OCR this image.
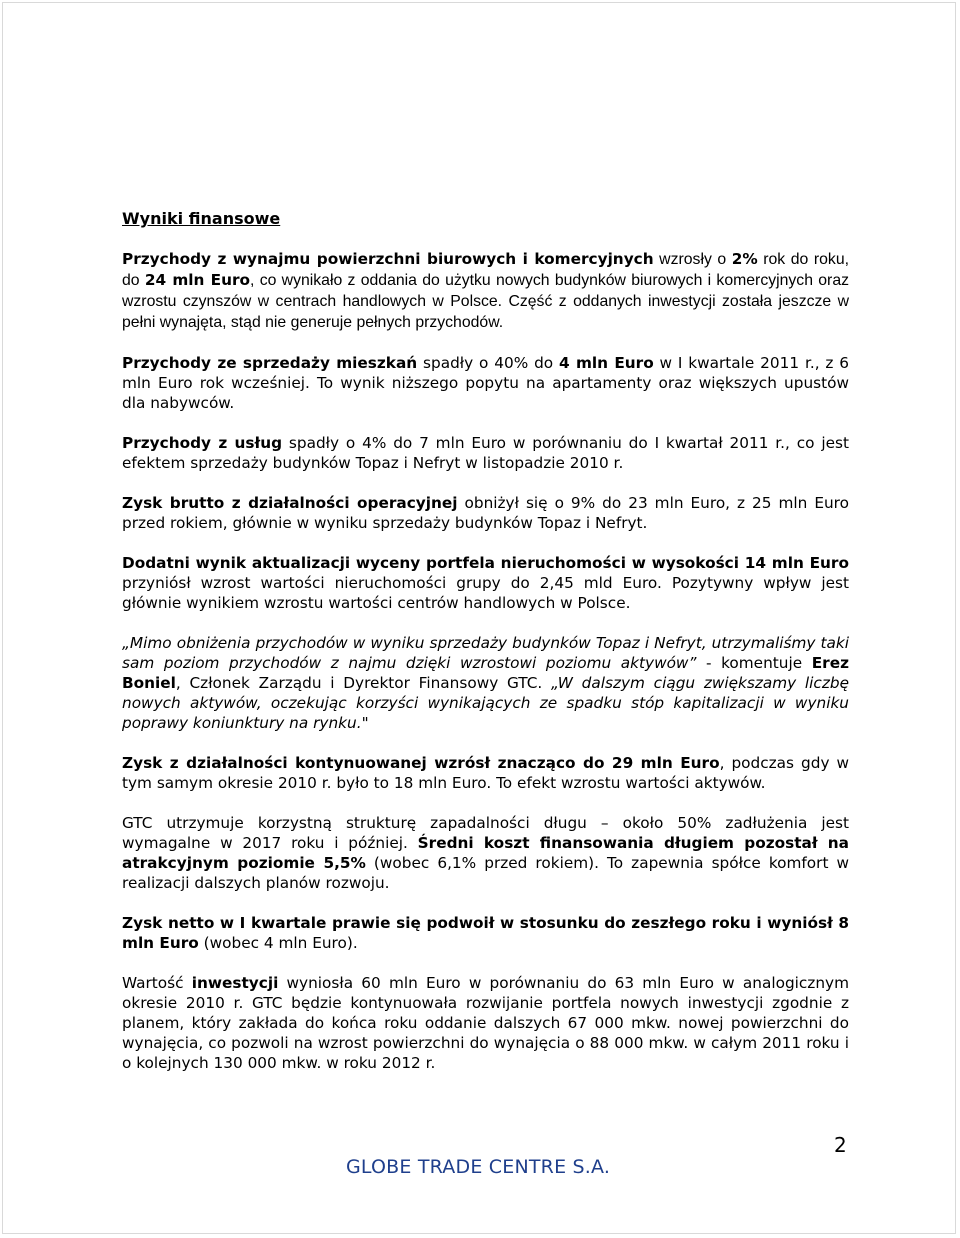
Wyniki finansowe

Przychody z wynajmu powierzchni biurowych i komercyjnych wzrosły o 2% rok do roku, do 24 mln Euro, co wynikało z oddania do użytku nowych budynków biurowych i komercyjnych oraz wzrostu czynszów w centrach handlowych w Polsce. Część z oddanych inwestycji została jeszcze w pełni wynajęta, stąd nie generuje pełnych przychodów.

Przychody ze sprzedaży mieszkań spadły o 40% do 4 mln Euro w I kwartale 2011 r., z 6 mln Euro rok wcześniej. To wynik niższego popytu na apartamenty oraz większych upustów dla nabywców.

Przychody z usług spadły o 4% do 7 mln Euro w porównaniu do I kwartał 2011 r., co jest efektem sprzedaży budynków Topaz i Nefryt w listopadzie 2010 r.

Zysk brutto z działalności operacyjnej obniżył się o 9% do 23 mln Euro, z 25 mln Euro przed rokiem, głównie w wyniku sprzedaży budynków Topaz i Nefryt.

Dodatni wynik aktualizacji wyceny portfela nieruchomości w wysokości 14 mln Euro przyniósł wzrost wartości nieruchomości grupy do 2,45 mld Euro. Pozytywny wpływ jest głównie wynikiem wzrostu wartości centrów handlowych w Polsce.

„Mimo obniżenia przychodów w wyniku sprzedaży budynków Topaz i Nefryt, utrzymaliśmy taki sam poziom przychodów z najmu dzięki wzrostowi poziomu aktywów” - komentuje Erez Boniel, Członek Zarządu i Dyrektor Finansowy GTC. „W dalszym ciągu zwiększamy liczbę nowych aktywów, oczekując korzyści wynikających ze spadku stóp kapitalizacji w wyniku poprawy koniunktury na rynku."

Zysk z działalności kontynuowanej wzrósł znacząco do 29 mln Euro, podczas gdy w tym samym okresie 2010 r. było to 18 mln Euro. To efekt wzrostu wartości aktywów.

GTC utrzymuje korzystną strukturę zapadalności długu – około 50% zadłużenia jest wymagalne w 2017 roku i później. Średni koszt finansowania długiem pozostał na atrakcyjnym poziomie 5,5% (wobec 6,1% przed rokiem). To zapewnia spółce komfort w realizacji dalszych planów rozwoju.

Zysk netto w I kwartale prawie się podwoił w stosunku do zeszłego roku i wyniósł 8 mln Euro (wobec 4 mln Euro).

Wartość inwestycji wyniosła 60 mln Euro w porównaniu do 63 mln Euro w analogicznym okresie 2010 r. GTC będzie kontynuowała rozwijanie portfela nowych inwestycji zgodnie z planem, który zakłada do końca roku oddanie dalszych 67 000 mkw. nowej powierzchni do wynajęcia, co pozwoli na wzrost powierzchni do wynajęcia o 88 000 mkw. w całym 2011 roku i o kolejnych 130 000 mkw. w roku 2012 r.

2
GLOBE TRADE CENTRE S.A.
